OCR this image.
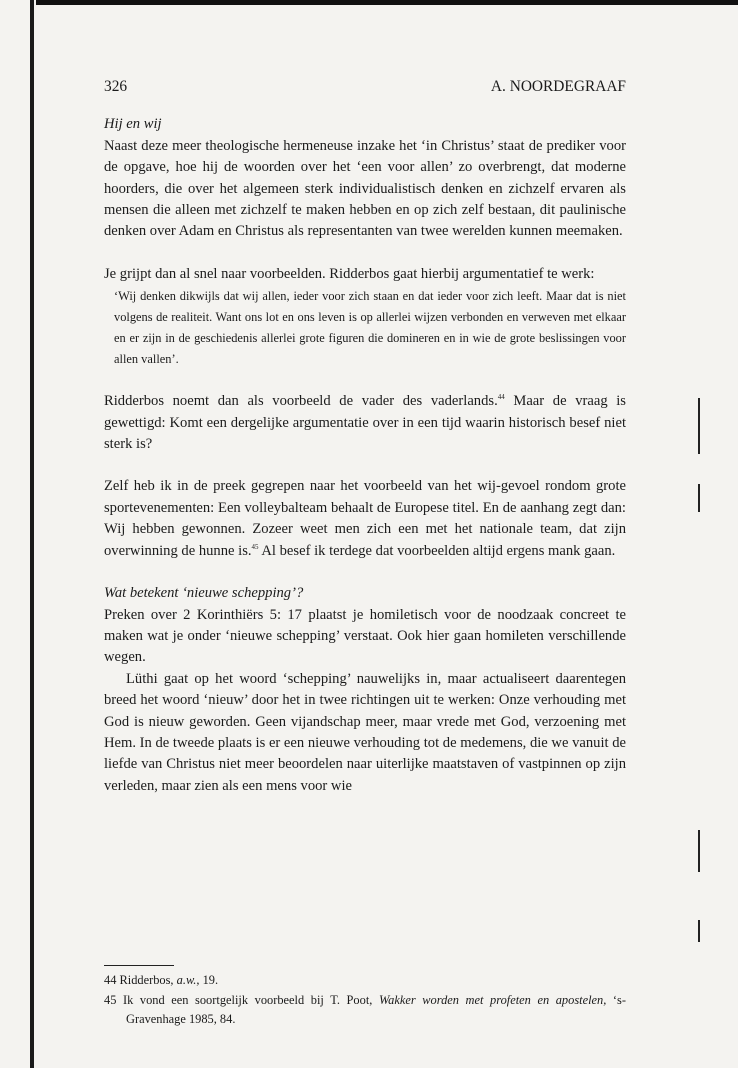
326	A. NOORDEGRAAF
Hij en wij

Naast deze meer theologische hermeneuse inzake het ‘in Christus’ staat de prediker voor de opgave, hoe hij de woorden over het ‘een voor allen’ zo overbrengt, dat moderne hoorders, die over het algemeen sterk individualistisch denken en zichzelf ervaren als mensen die alleen met zichzelf te maken hebben en op zich zelf bestaan, dit paulinische denken over Adam en Christus als representanten van twee werelden kunnen meemaken.

Je grijpt dan al snel naar voorbeelden. Ridderbos gaat hierbij argumentatief te werk:

‘Wij denken dikwijls dat wij allen, ieder voor zich staan en dat ieder voor zich leeft. Maar dat is niet volgens de realiteit. Want ons lot en ons leven is op allerlei wijzen verbonden en verweven met elkaar en er zijn in de geschiedenis allerlei grote figuren die domineren en in wie de grote beslissingen voor allen vallen’.

Ridderbos noemt dan als voorbeeld de vader des vaderlands.$^{44}$ Maar de vraag is gewettigd: Komt een dergelijke argumentatie over in een tijd waarin historisch besef niet sterk is?

Zelf heb ik in de preek gegrepen naar het voorbeeld van het wij-gevoel rondom grote sportevenementen: Een volleybalteam behaalt de Europese titel. En de aanhang zegt dan: Wij hebben gewonnen. Zozeer weet men zich een met het nationale team, dat zijn overwinning de hunne is.$^{45}$ Al besef ik terdege dat voorbeelden altijd ergens mank gaan.

Wat betekent ‘nieuwe schepping’?

Preken over 2 Korinthiërs 5: 17 plaatst je homiletisch voor de noodzaak concreet te maken wat je onder ‘nieuwe schepping’ verstaat. Ook hier gaan homileten verschillende wegen.

Lüthi gaat op het woord ‘schepping’ nauwelijks in, maar actualiseert daarentegen breed het woord ‘nieuw’ door het in twee richtingen uit te werken: Onze verhouding met God is nieuw geworden. Geen vijandschap meer, maar vrede met God, verzoening met Hem. In de tweede plaats is er een nieuwe verhouding tot de medemens, die we vanuit de liefde van Christus niet meer beoordelen naar uiterlijke maatstaven of vastpinnen op zijn verleden, maar zien als een mens voor wie

44 Ridderbos, a.w., 19.
45 Ik vond een soortgelijk voorbeeld bij T. Poot, Wakker worden met profeten en apostelen, ‘s- Gravenhage 1985, 84.
